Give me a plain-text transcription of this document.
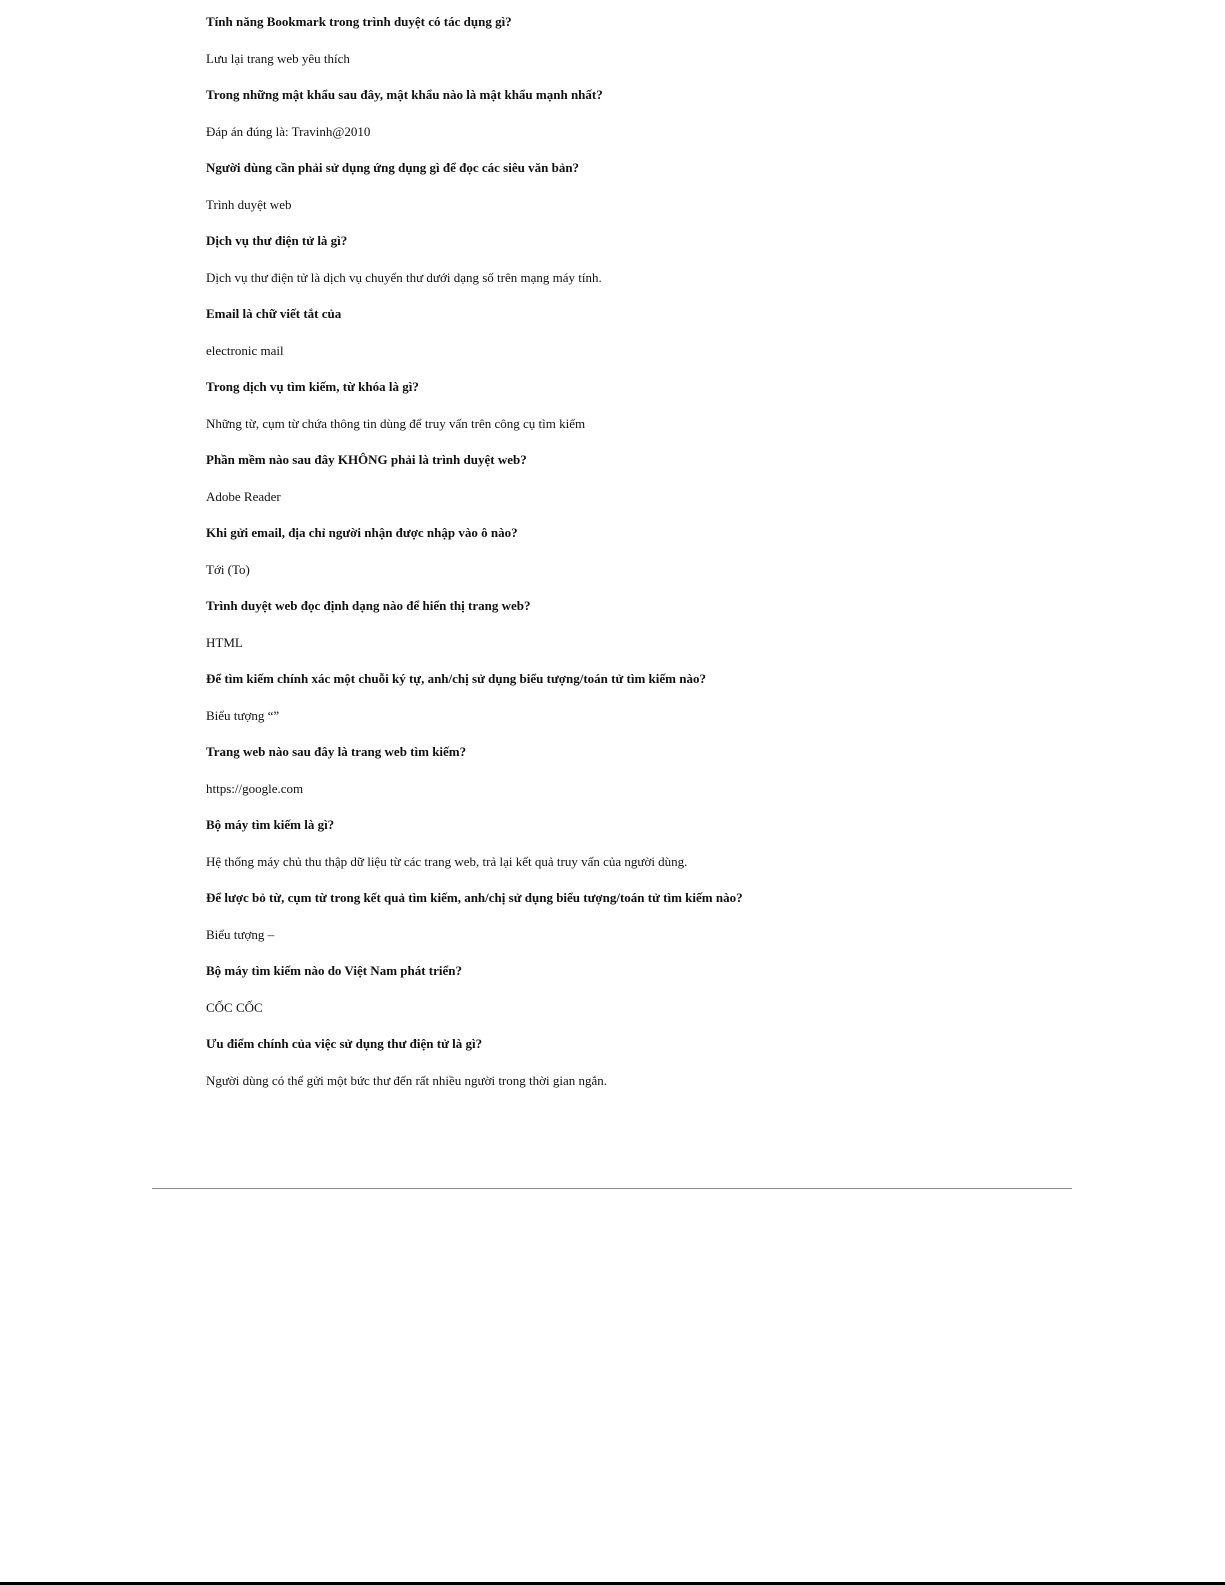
Tính năng Bookmark trong trình duyệt có tác dụng gì?
Lưu lại trang web yêu thích
Trong những mật khẩu sau đây, mật khẩu nào là mật khẩu mạnh nhất?
Đáp án đúng là: Travinh@2010
Người dùng cần phải sử dụng ứng dụng gì để đọc các siêu văn bản?
Trình duyệt web
Dịch vụ thư điện tử là gì?
Dịch vụ thư điện tử là dịch vụ chuyển thư dưới dạng số trên mạng máy tính.
Email là chữ viết tắt của
electronic mail
Trong dịch vụ tìm kiếm, từ khóa là gì?
Những từ, cụm từ chứa thông tin dùng để truy vấn trên công cụ tìm kiếm
Phần mềm nào sau đây KHÔNG phải là trình duyệt web?
Adobe Reader
Khi gửi email, địa chỉ người nhận được nhập vào ô nào?
Tới (To)
Trình duyệt web đọc định dạng nào để hiển thị trang web?
HTML
Để tìm kiếm chính xác một chuỗi ký tự, anh/chị sử dụng biểu tượng/toán tử tìm kiếm nào?
Biểu tượng “”
Trang web nào sau đây là trang web tìm kiếm?
https://google.com
Bộ máy tìm kiếm là gì?
Hệ thống máy chủ thu thập dữ liệu từ các trang web, trả lại kết quả truy vấn của người dùng.
Để lược bỏ từ, cụm từ trong kết quả tìm kiếm, anh/chị sử dụng biểu tượng/toán tử tìm kiếm nào?
Biểu tượng –
Bộ máy tìm kiếm nào do Việt Nam phát triển?
CỐC CỐC
Ưu điểm chính của việc sử dụng thư điện tử là gì?
Người dùng có thể gửi một bức thư đến rất nhiều người trong thời gian ngắn.
